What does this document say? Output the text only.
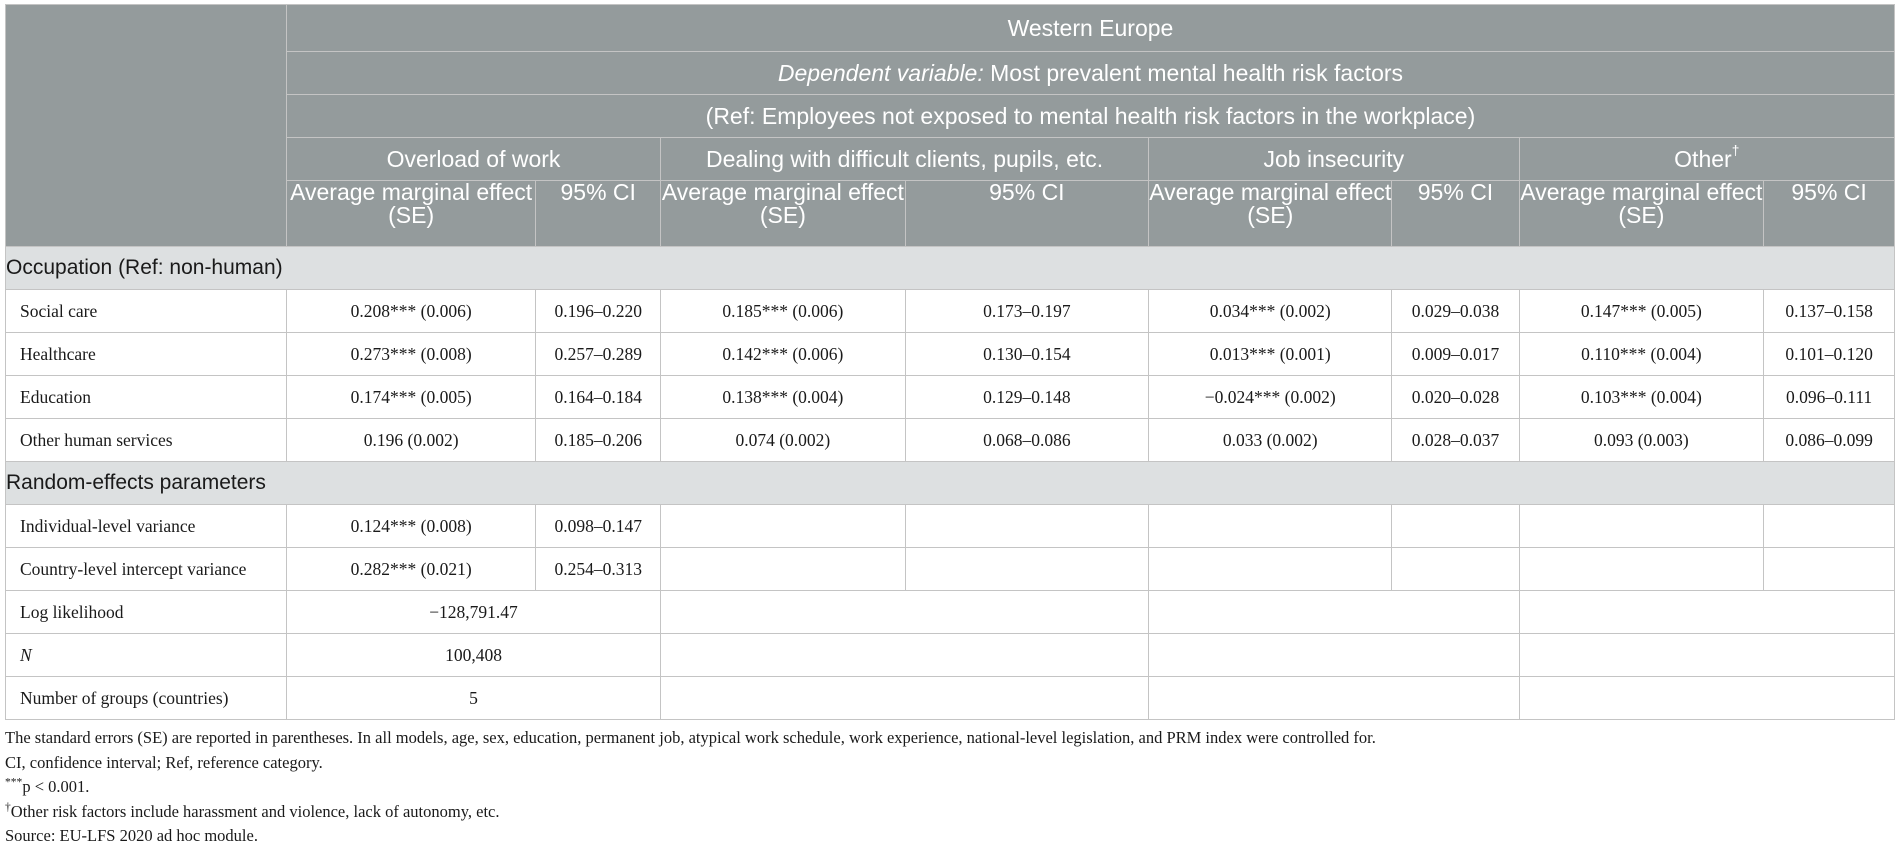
	Western Europe							
	Dependent variable: Most prevalent mental health risk factors							
	(Ref: Employees not exposed to mental health risk factors in the workplace)							
	Overload of work		Dealing with difficult clients, pupils, etc.		Job insecurity		Other†
	Average marginal effect (SE)	95% CI	Average marginal effect (SE)	95% CI	Average marginal effect (SE)	95% CI	Average marginal effect (SE)	95% CI
Occupation (Ref: non-human)								
Social care	0.208*** (0.006)	0.196–0.220	0.185*** (0.006)	0.173–0.197	0.034*** (0.002)	0.029–0.038	0.147*** (0.005)	0.137–0.158
Healthcare	0.273*** (0.008)	0.257–0.289	0.142*** (0.006)	0.130–0.154	0.013*** (0.001)	0.009–0.017	0.110*** (0.004)	0.101–0.120
Education	0.174*** (0.005)	0.164–0.184	0.138*** (0.004)	0.129–0.148	−0.024*** (0.002)	0.020–0.028	0.103*** (0.004)	0.096–0.111
Other human services	0.196 (0.002)	0.185–0.206	0.074 (0.002)	0.068–0.086	0.033 (0.002)	0.028–0.037	0.093 (0.003)	0.086–0.099
Random-effects parameters								
Individual-level variance	0.124*** (0.008)	0.098–0.147						
Country-level intercept variance	0.282*** (0.021)	0.254–0.313						
Log likelihood	−128,791.47							
N	100,408							
Number of groups (countries)	5							

The standard errors (SE) are reported in parentheses. In all models, age, sex, education, permanent job, atypical work schedule, work experience, national-level legislation, and PRM index were controlled for.

CI, confidence interval; Ref, reference category.

***p < 0.001.

†Other risk factors include harassment and violence, lack of autonomy, etc.

Source: EU-LFS 2020 ad hoc module.
